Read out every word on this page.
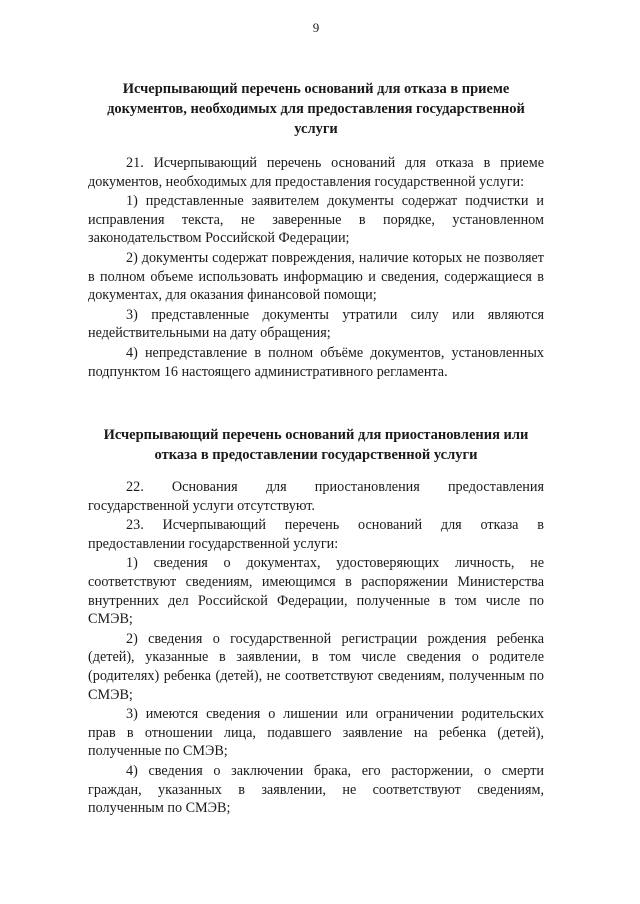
9
Исчерпывающий перечень оснований для отказа в приеме документов, необходимых для предоставления государственной услуги

21. Исчерпывающий перечень оснований для отказа в приеме документов, необходимых для предоставления государственной услуги:

1) представленные заявителем документы содержат подчистки и исправления текста, не заверенные в порядке, установленном законодательством Российской Федерации;

2) документы содержат повреждения, наличие которых не позволяет в полном объеме использовать информацию и сведения, содержащиеся в документах, для оказания финансовой помощи;

3) представленные документы утратили силу или являются недействительными на дату обращения;

4) непредставление в полном объёме документов, установленных подпунктом 16 настоящего административного регламента.

Исчерпывающий перечень оснований для приостановления или отказа в предоставлении государственной услуги

22. Основания для приостановления предоставления государственной услуги отсутствуют.

23. Исчерпывающий перечень оснований для отказа в предоставлении государственной услуги:

1) сведения о документах, удостоверяющих личность, не соответствуют сведениям, имеющимся в распоряжении Министерства внутренних дел Российской Федерации, полученные в том числе по СМЭВ;

2) сведения о государственной регистрации рождения ребенка (детей), указанные в заявлении, в том числе сведения о родителе (родителях) ребенка (детей), не соответствуют сведениям, полученным по СМЭВ;

3) имеются сведения о лишении или ограничении родительских прав в отношении лица, подавшего заявление на ребенка (детей), полученные по СМЭВ;

4) сведения о заключении брака, его расторжении, о смерти граждан, указанных в заявлении, не соответствуют сведениям, полученным по СМЭВ;
